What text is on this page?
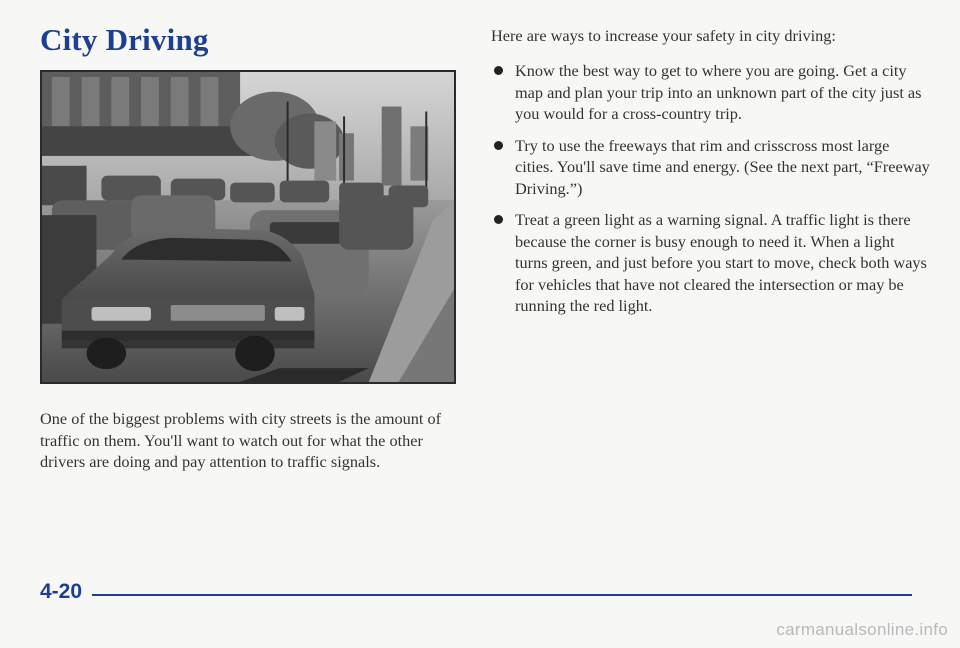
City Driving

One of the biggest problems with city streets is the amount of traffic on them. You'll want to watch out for what the other drivers are doing and pay attention to traffic signals.

Here are ways to increase your safety in city driving:

Know the best way to get to where you are going. Get a city map and plan your trip into an unknown part of the city just as you would for a cross-country trip.
Try to use the freeways that rim and crisscross most large cities. You'll save time and energy. (See the next part, “Freeway Driving.”)
Treat a green light as a warning signal. A traffic light is there because the corner is busy enough to need it. When a light turns green, and just before you start to move, check both ways for vehicles that have not cleared the intersection or may be running the red light.
4-20
carmanualsonline.info
